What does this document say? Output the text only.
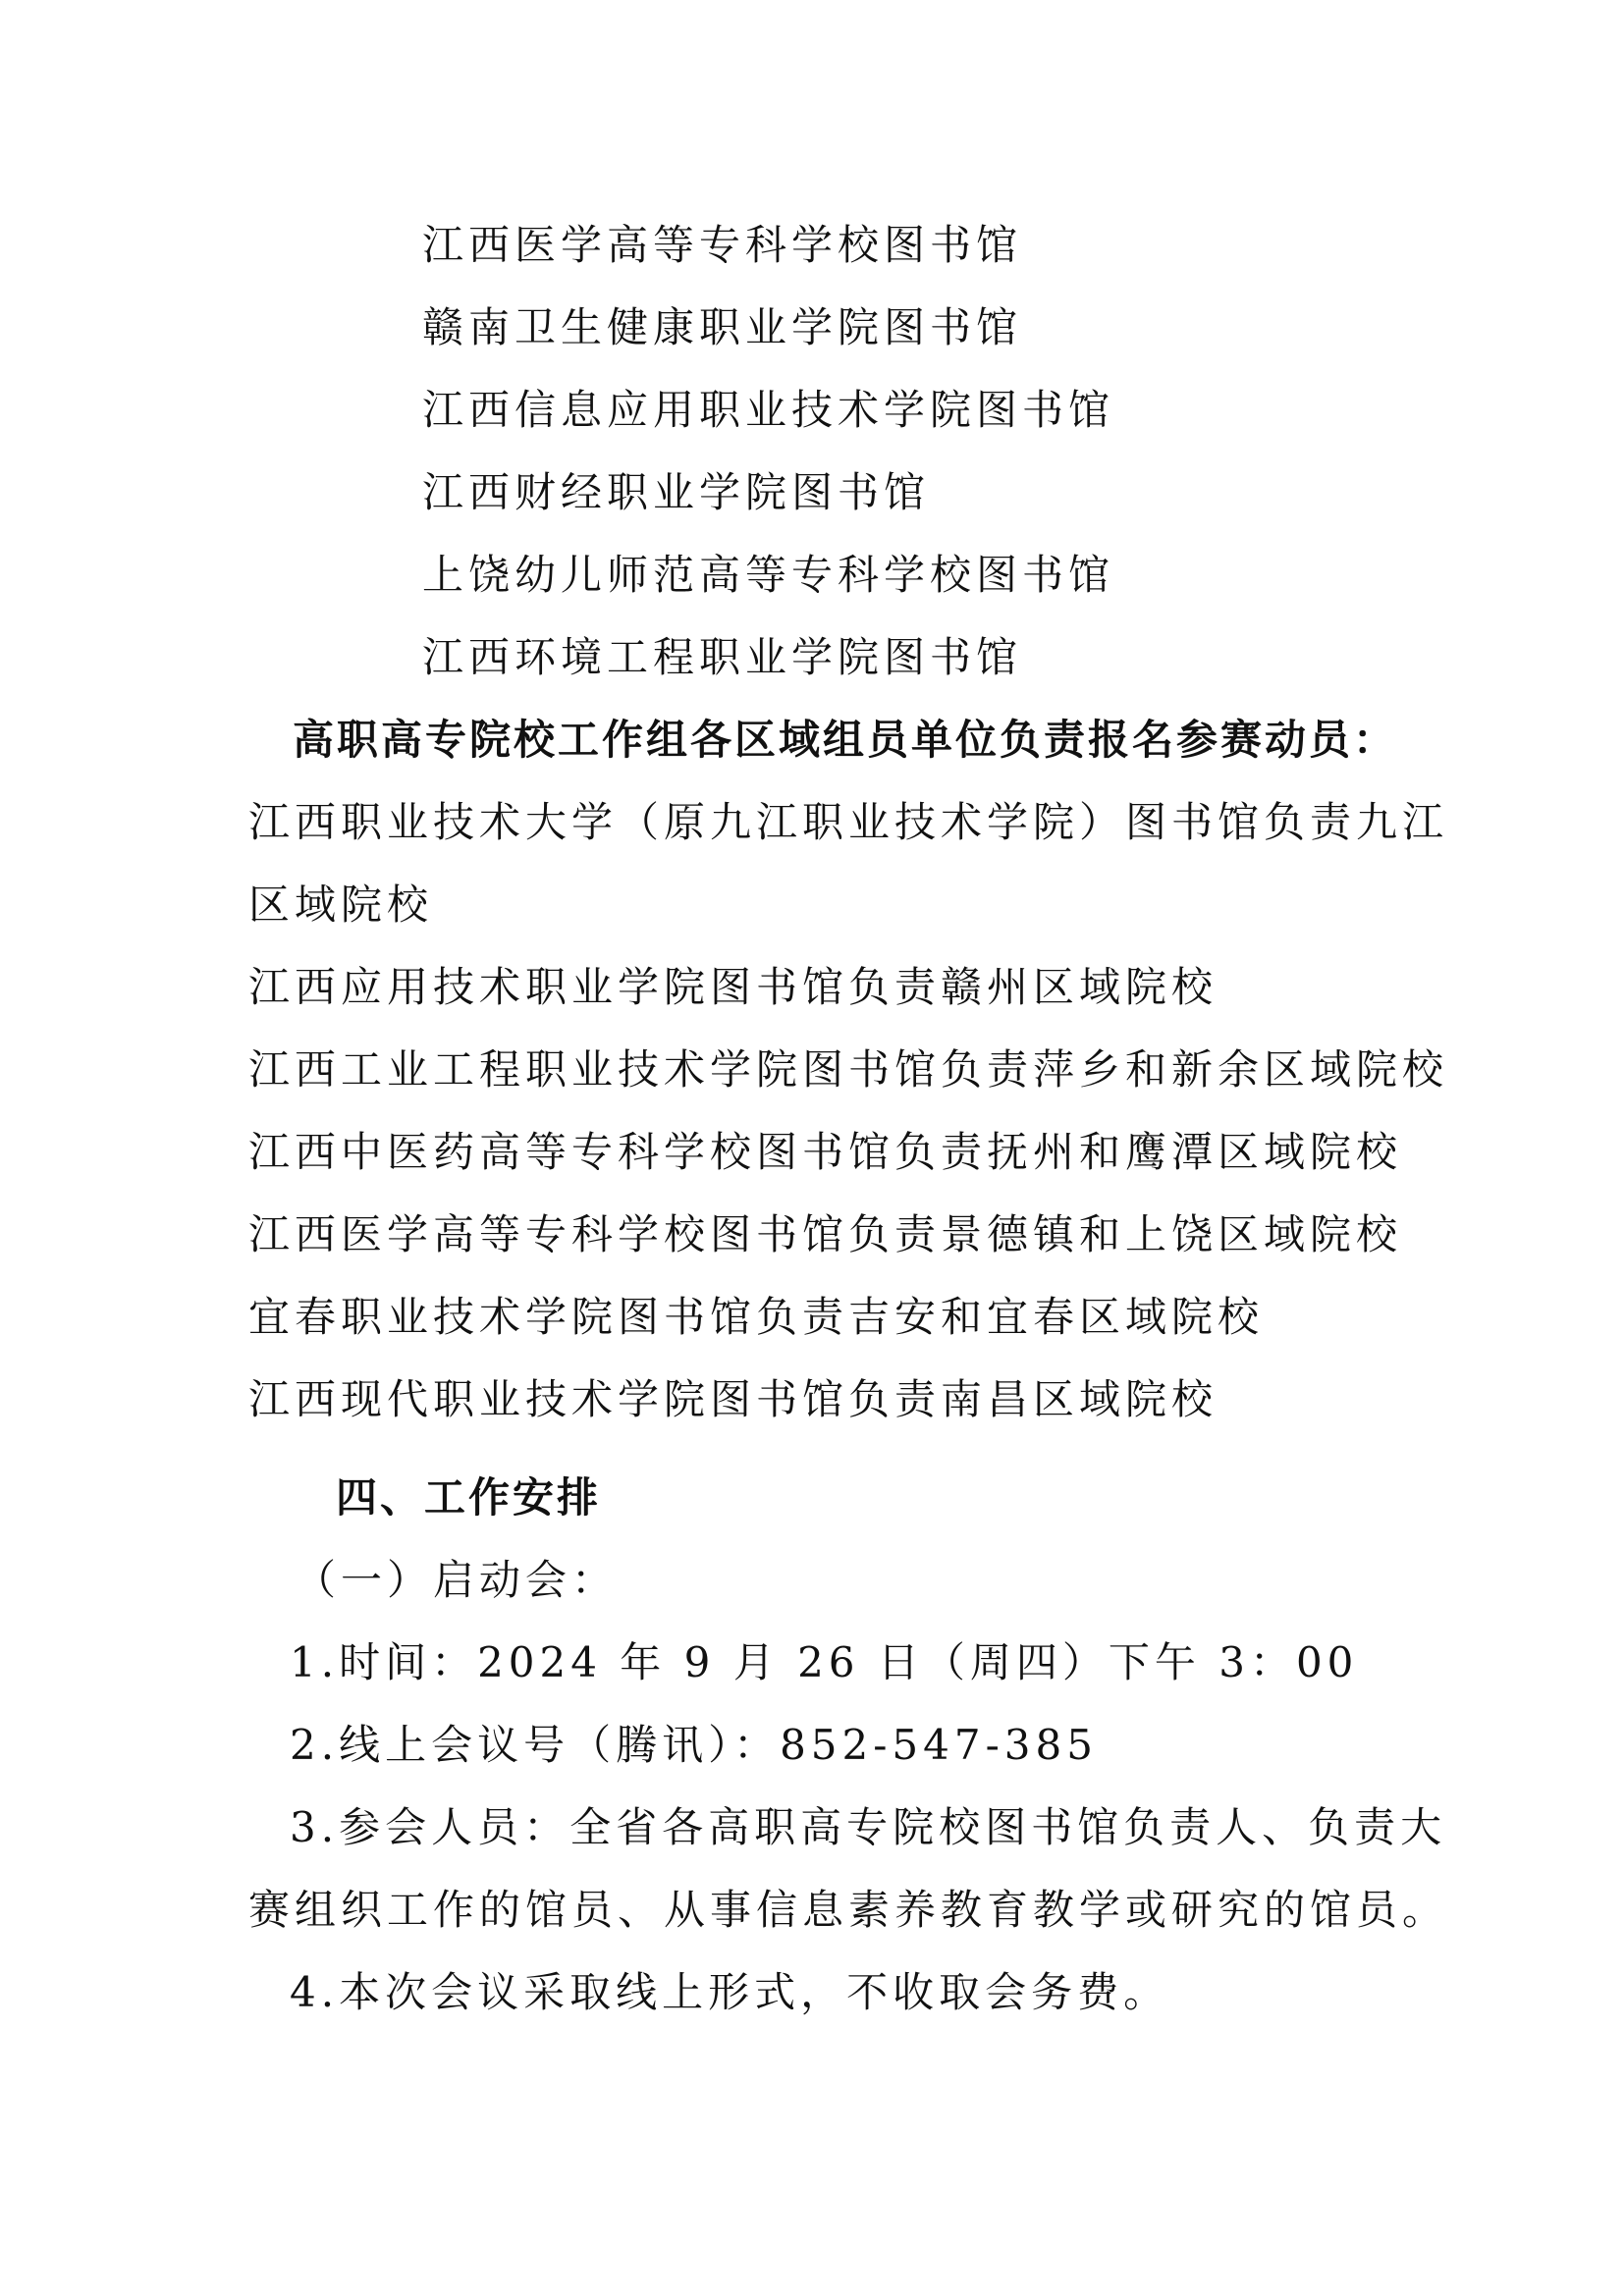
江西医学高等专科学校图书馆
赣南卫生健康职业学院图书馆
江西信息应用职业技术学院图书馆
江西财经职业学院图书馆
上饶幼儿师范高等专科学校图书馆
江西环境工程职业学院图书馆
高职高专院校工作组各区域组员单位负责报名参赛动员：
江西职业技术大学（原九江职业技术学院）图书馆负责九江
区域院校
江西应用技术职业学院图书馆负责赣州区域院校
江西工业工程职业技术学院图书馆负责萍乡和新余区域院校
江西中医药高等专科学校图书馆负责抚州和鹰潭区域院校
江西医学高等专科学校图书馆负责景德镇和上饶区域院校
宜春职业技术学院图书馆负责吉安和宜春区域院校
江西现代职业技术学院图书馆负责南昌区域院校
四、工作安排
（一）启动会：
1.时间：2024 年 9 月 26 日（周四）下午 3：00
2.线上会议号（腾讯）：852-547-385
3.参会人员：全省各高职高专院校图书馆负责人、负责大
赛组织工作的馆员、从事信息素养教育教学或研究的馆员。
4.本次会议采取线上形式，不收取会务费。
